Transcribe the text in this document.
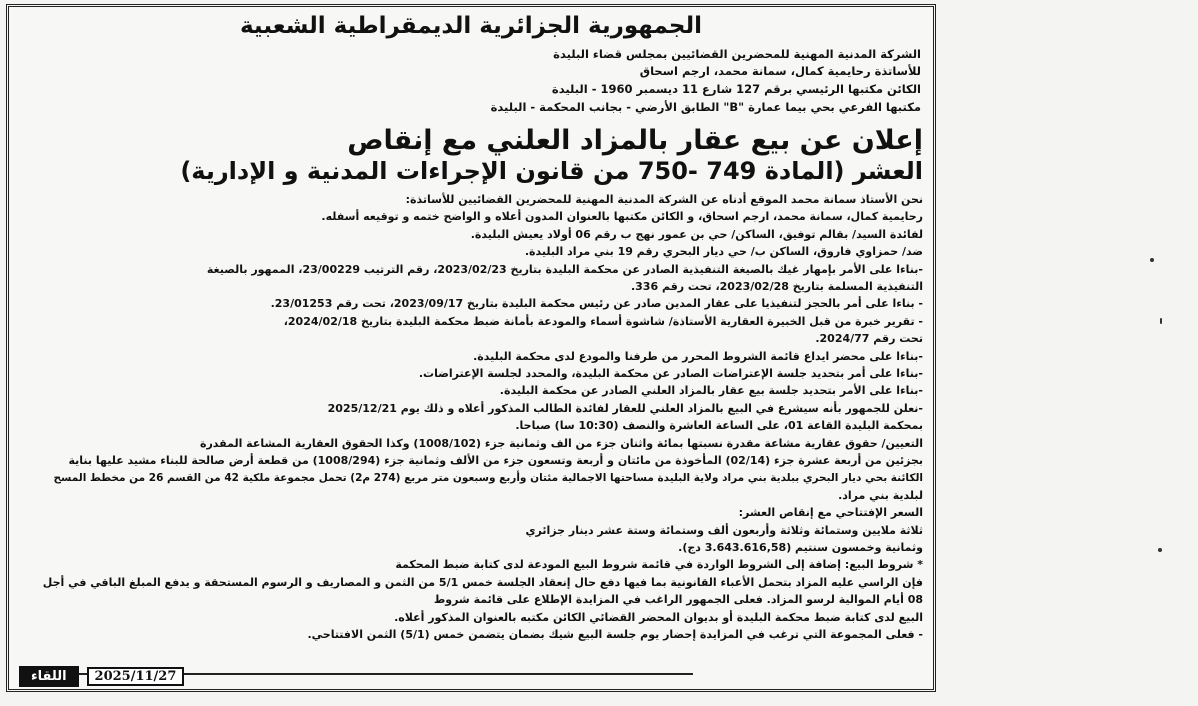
الجمهورية الجزائرية الديمقراطية الشعبية
الشركة المدنية المهنية للمحضرين القضائيين بمجلس قضاء البليدة
للأساتذة رحايمية كمال، سمانة محمد، ارجم اسحاق
الكائن مكتبها الرئيسي برقم 127 شارع 11 ديسمبر 1960 - البليدة
مكتبها الفرعي بحي بيما عمارة "B" الطابق الأرضي - بجانب المحكمة - البليدة
إعلان عن بيع عقار بالمزاد العلني مع إنقاص
العشر (المادة 749 -750 من قانون الإجراءات المدنية و الإدارية)
نحن الأستاذ سمانة محمد الموقع أدناه عن الشركة المدنية المهنية للمحضرين القضائيين للأساتذة:
رحايمية كمال، سمانة محمد، ارجم اسحاق، و الكائن مكتبها بالعنوان المدون أعلاه و الواضح ختمه و توقيعه أسفله.
لفائدة السيد/ بقالم توفيق، الساكن/ حي بن عمور نهج ب رقم 06 أولاد يعيش البليدة.
ضد/ حمزاوي فاروق، الساكن ب/ حي ديار البحري رقم 19 بني مراد البليدة.
-بناءا على الأمر بإمهار غيك بالصيغة التنفيذية الصادر عن محكمة البليدة بتاريخ 2023/02/23، رقم الترتيب 23/00229، الممهور بالصيغة
التنفيذية المسلمة بتاريخ 2023/02/28، تحت رقم 336.
- بناءا على أمر بالحجز لتنفيذيا على عقار المدين صادر عن رئيس محكمة البليدة بتاريخ 2023/09/17، تحت رقم 23/01253.
- تقرير خبرة من قبل الخبيرة العقارية الأستاذة/ شاشوة أسماء والمودعة بأمانة ضبط محكمة البليدة بتاريخ 2024/02/18،
تحت رقم 2024/77.
-بناءا على محضر ايداع قائمة الشروط المحرر من طرفنا والمودع لدى محكمة البليدة.
-بناءا على أمر بتحديد جلسة الإعتراضات الصادر عن محكمة البليدة، والمحدد لجلسة الإعتراضات.
-بناءا على الأمر بتحديد جلسة بيع عقار بالمزاد العلني الصادر عن محكمة البليدة.
-نعلن للجمهور بأنه سيشرع في البيع بالمزاد العلني للعقار لفائدة الطالب المذكور أعلاه و ذلك يوم 2025/12/21
بمحكمة البليدة القاعة 01، على الساعة العاشرة والنصف (10:30 سا) صباحا.
التعيين/ حقوق عقارية مشاعة مقدرة نسبتها بمائة واثنان جزء من الف وثمانية جزء (1008/102) وكذا الحقوق العقارية المشاعة المقدرة
بجزئين من أربعة عشرة جزء (02/14) المأخوذة من مائتان و أربعة وتسعون جزء من الألف وثمانية جزء (1008/294) من قطعة أرض صالحة للبناء مشيد عليها بناية
الكائنة بحي ديار البحري ببلدية بني مراد ولاية البليدة مساحتها الاجمالية مئتان وأربع وسبعون متر مربع (274 م2) تحمل مجموعة ملكية 42 من القسم 26 من مخطط المسح
لبلدية بني مراد.
السعر الإفتتاحي مع إنقاص العشر:
ثلاثة ملايين وستمائة وثلاثة وأربعون ألف وستمائة وستة عشر دينار جزائري
وثمانية وخمسون سنتيم (3.643.616,58 دج).
* شروط البيع: إضافة إلى الشروط الواردة في قائمة شروط البيع المودعة لدى كتابة ضبط المحكمة
فإن الراسي عليه المزاد بتحمل الأعباء القانونية بما فيها دفع حال إنعقاد الجلسة خمس 5/1 من الثمن و المصاريف و الرسوم المستحقة و يدفع المبلغ الباقي في أجل
08 أيام الموالية لرسو المزاد. فعلى الجمهور الراغب في المزايدة الإطلاع على قائمة شروط
البيع لدى كتابة ضبط محكمة البليدة أو بديوان المحضر القضائي الكائن مكتبه بالعنوان المذكور أعلاه.
- فعلى المجموعة التي ترغب في المزايدة إحضار يوم جلسة البيع شيك بضمان يتضمن خمس (5/1) الثمن الافتتاحي.
اللقاء	2025/11/27
